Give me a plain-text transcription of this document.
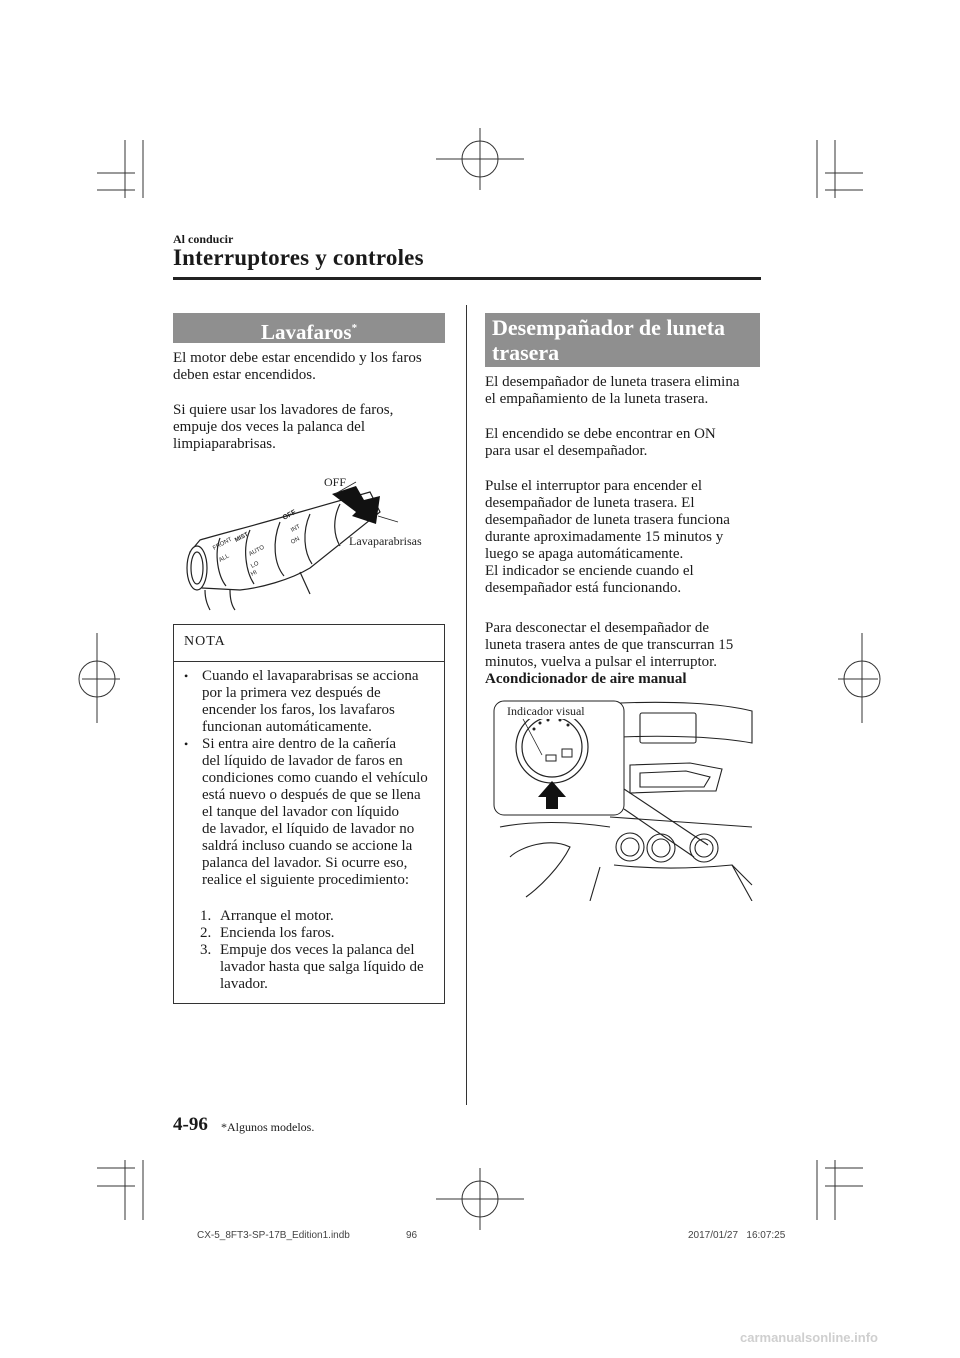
Al conducir
Interruptores y controles
Lavafaros*

El motor debe estar encendido y los faros
deben estar encendidos.

Si quiere usar los lavadores de faros,
empuje dos veces la palanca del
limpiaparabrisas.

FRONT MIST
AUTO
LO
HI
OFF
INT
ON
ALL
OFF
Lavaparabrisas
NOTA
• Cuando el lavaparabrisas se acciona
por la primera vez después de
encender los faros, los lavafaros
funcionan automáticamente.
• Si entra aire dentro de la cañería
del líquido de lavador de faros en
condiciones como cuando el vehículo
está nuevo o después de que se llena
el tanque del lavador con líquido
de lavador, el líquido de lavador no
saldrá incluso cuando se accione la
palanca del lavador. Si ocurre eso,
realice el siguiente procedimiento:
1. Arranque el motor.
2. Encienda los faros.
3. Empuje dos veces la palanca del
lavador hasta que salga líquido de
lavador.
Desempañador de luneta
trasera

El desempañador de luneta trasera elimina
el empañamiento de la luneta trasera.

El encendido se debe encontrar en ON
para usar el desempañador.

Pulse el interruptor para encender el
desempañador de luneta trasera. El
desempañador de luneta trasera funciona
durante aproximadamente 15 minutos y
luego se apaga automáticamente.
El indicador se enciende cuando el
desempañador está funcionando.

Para desconectar el desempañador de
luneta trasera antes de que transcurran 15
minutos, vuelva a pulsar el interruptor.

Acondicionador de aire manual
Indicador visual
4-96 *Algunos modelos.
CX-5_8FT3-SP-17B_Edition1.indb	96	2017/01/27   16:07:25
carmanualsonline.info
